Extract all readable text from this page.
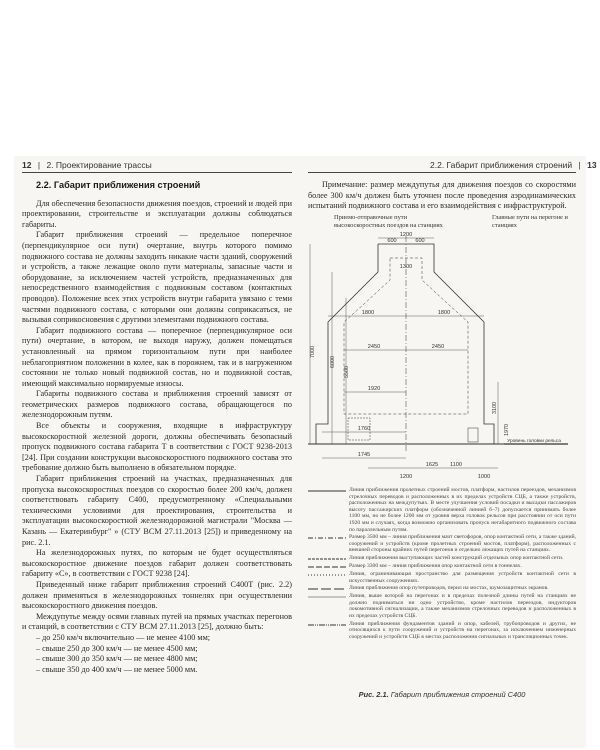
12 | 2. Проектирование трассы	2.2. Габарит приближения строений | 13
2.2. Габарит приближения строений

Для обеспечения безопасности движения поездов, строений и людей при проектировании, строительстве и эксплуатации должны соблюдаться габариты.

Габарит приближения строений — предельное поперечное (перпендикулярное оси пути) очертание, внутрь которого помимо подвижного состава не должны заходить никакие части зданий, сооружений и устройств, а также лежащие около пути материалы, запасные части и оборудование, за исключением частей устройств, предназначенных для непосредственного взаимодействия с подвижным составом (контактных проводов). Положение всех этих устройств внутри габарита увязано с теми частями подвижного состава, с которыми они должны соприкасаться, не вызывая соприкосновения с другими элементами подвижного состава.

Габарит подвижного состава — поперечное (перпендикулярное оси пути) очертание, в котором, не выходя наружу, должен помещаться установленный на прямом горизонтальном пути при наиболее неблагоприятном положении в колее, как в порожнем, так и в нагруженном состоянии не только новый подвижной состав, но и подвижной состав, имеющий максимально нормируемые износы.

Габариты подвижного состава и приближения строений зависят от геометрических размеров подвижного состава, обращающегося по железнодорожным путям.

Все объекты и сооружения, входящие в инфраструктуру высокоскоростной железной дороги, должны обеспечивать безопасный пропуск подвижного состава габарита Т в соответствии с ГОСТ 9238-2013 [24]. При создании конструкции высокоскоростного подвижного состава это требование должно быть выполнено в обязательном порядке.

Габарит приближения строений на участках, предназначенных для пропуска высокоскоростных поездов со скоростью более 200 км/ч, должен соответствовать габариту С400, предусмотренному «Специальными техническими условиями для проектирования, строительства и эксплуатации высокоскоростной железнодорожной магистрали "Москва — Казань — Екатеринбург" » (СТУ ВСМ 27.11.2013 [25]) и приведенному на рис. 2.1.

На железнодорожных путях, по которым не будет осуществляться высокоскоростное движение поездов габарит должен соответствовать габариту «С», в соответствии с ГОСТ 9238 [24].

Приведенный ниже габарит приближения строений С400Т (рис. 2.2) должен применяться в железнодорожных тоннелях при осуществлении высокоскоростного движения поездов.

Междупутье между осями главных путей на прямых участках перегонов и станций, в соответствии с СТУ ВСМ 27.11.2013 [25], должно быть:

– до 250 км/ч включительно — не менее 4100 мм;
– свыше 250 до 300 км/ч — не менее 4500 мм;
– свыше 300 до 350 км/ч — не менее 4800 мм;
– свыше 350 до 400 км/ч — не менее 5000 мм.

Примечание: размер междупутья для движения поездов со скоростями более 300 км/ч должен быть уточнен после проведения аэродинамических испытаний подвижного состава и его взаимодействия с инфраструктурой.

Приемо-отправочные пути высокоскоростных поездов на станциях
Главные пути на перегоне и станциях
1200
600	600
1300
1800	1800
2450	2450
1920
1760
1745
1625 1100
1200	1000
Уровень головки рельса
7000
6000
5500
3100
1970
Линия приближения пролетных строений мостов, платформ, настилов переездов, механизмов стрелочных переводов и расположенных в их пределах устройств СЦБ, а также устройств, расположенных на междупутьях. В месте улучшения условий посадки и высадки пассажиров высоту пассажирских платформ (обозначенной линией б–7) допускается принимать более 1100 мм, но не более 1200 мм от уровня верха головок рельсов при расстоянии от оси пути 1920 мм и случаях, когда возможно организовать пропуск негабаритного подвижного состава по параллельным путям.
Размер 3500 мм – линия приближения мачт светофоров, опор контактной сети, а также зданий, сооружений и устройств (кроме пролетных строений мостов, платформ), расположенных с внешней стороны крайних путей перегонов и отдельно лежащих путей на станциях.
Линия приближения выступающих частей конструкций отдельных опор контактной сети.
Размер 3300 мм – линия приближения опор контактной сети в тоннелях.
Линия, ограничивающая пространство для размещения устройств контактной сети в искусственных сооружениях.
Линия приближения опор путепроводов, перил на мостах, шумозащитных экранов.
Линия, выше которой на перегонах и в пределах полезной длины путей на станциях не должно подниматься ни одно устройство, кроме настилов переездов, индукторов локомотивной сигнализации, а также механизмов стрелочных переводов и расположенных в их пределах устройств СЦБ.
Линия приближения фундаментов зданий и опор, кабелей, трубопроводов и других, не относящихся к пути сооружений и устройств на перегонах, за исключением инженерных сооружений и устройств СЦБ в местах расположения сигнальных и трансляционных точек.
Рис. 2.1. Габарит приближения строений С400
